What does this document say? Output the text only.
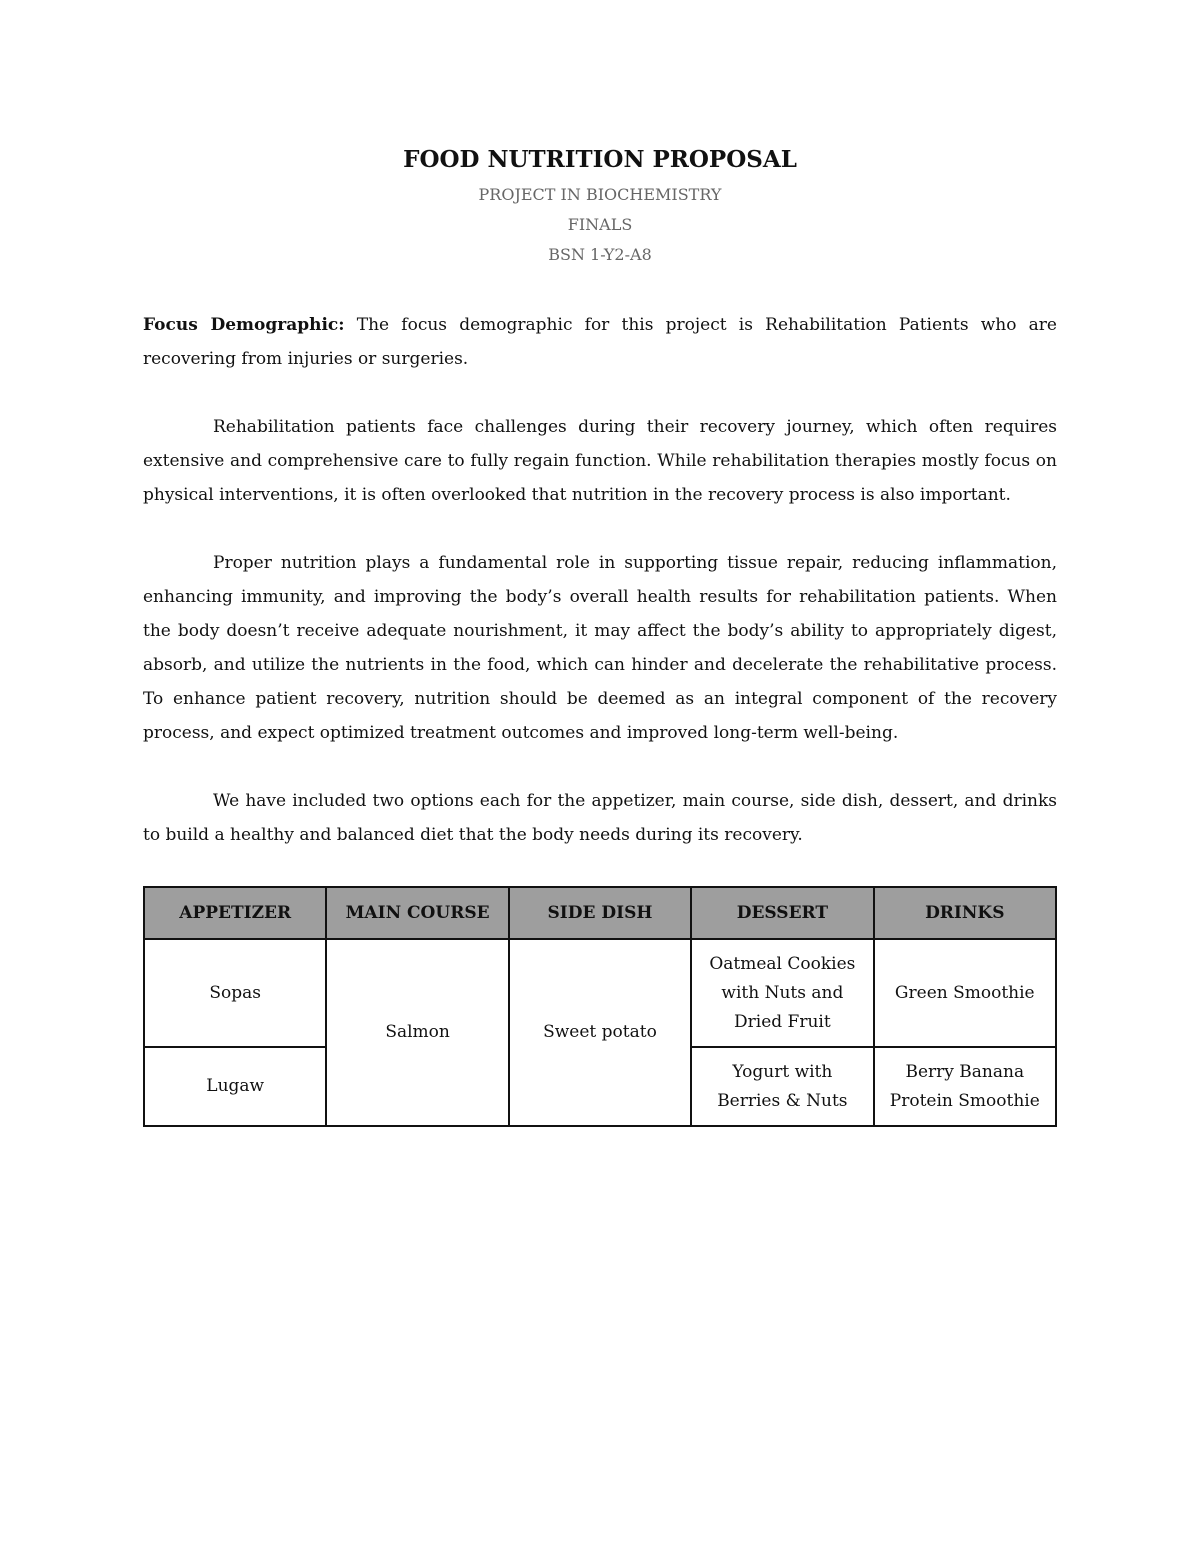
FOOD NUTRITION PROPOSAL

PROJECT IN BIOCHEMISTRY

FINALS

BSN 1-Y2-A8

Focus Demographic: The focus demographic for this project is Rehabilitation Patients who are recovering from injuries or surgeries.

Rehabilitation patients face challenges during their recovery journey, which often requires extensive and comprehensive care to fully regain function. While rehabilitation therapies mostly focus on physical interventions, it is often overlooked that nutrition in the recovery process is also important.

Proper nutrition plays a fundamental role in supporting tissue repair, reducing inflammation, enhancing immunity, and improving the body’s overall health results for rehabilitation patients. When the body doesn’t receive adequate nourishment, it may affect the body’s ability to appropriately digest, absorb, and utilize the nutrients in the food, which can hinder and decelerate the rehabilitative process. To enhance patient recovery, nutrition should be deemed as an integral component of the recovery process, and expect optimized treatment outcomes and improved long-term well-being.

We have included two options each for the appetizer, main course, side dish, dessert, and drinks to build a healthy and balanced diet that the body needs during its recovery.

APPETIZER	MAIN COURSE	SIDE DISH	DESSERT	DRINKS
Sopas	Salmon	Sweet potato	Oatmeal Cookies with Nuts and Dried Fruit	Green Smoothie
Lugaw			Yogurt with Berries & Nuts	Berry Banana Protein Smoothie
